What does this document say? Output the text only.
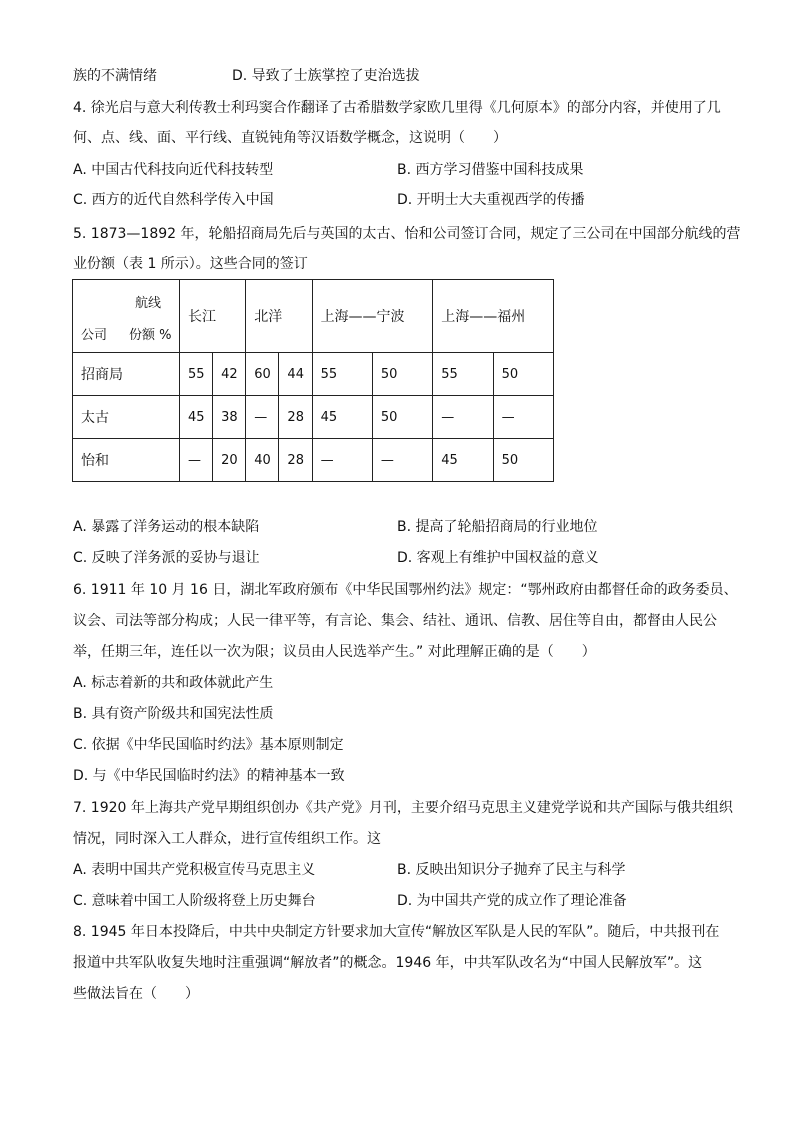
族的不满情绪	D. 导致了士族掌控了吏治选拔
4. 徐光启与意大利传教士利玛窦合作翻译了古希腊数学家欧几里得《几何原本》的部分内容，并使用了几
何、点、线、面、平行线、直锐钝角等汉语数学概念，这说明（　　）
A. 中国古代科技向近代科技转型	B. 西方学习借鉴中国科技成果
C. 西方的近代自然科学传入中国	D. 开明士大夫重视西学的传播
5. 1873—1892 年，轮船招商局先后与英国的太古、怡和公司签订合同，规定了三公司在中国部分航线的营
业份额（表 1 所示）。这些合同的签订
航线
公司 份额 %	长江		北洋		上海——宁波		上海——福州	
招商局	55	42	60	44	55	50	55	50
太古	45	38	—	28	45	50	—	—
怡和	—	20	40	28	—	—	45	50
A. 暴露了洋务运动的根本缺陷	B. 提高了轮船招商局的行业地位
C. 反映了洋务派的妥协与退让	D. 客观上有维护中国权益的意义
6. 1911 年 10 月 16 日，湖北军政府颁布《中华民国鄂州约法》规定：“鄂州政府由都督任命的政务委员、
议会、司法等部分构成；人民一律平等，有言论、集会、结社、通讯、信教、居住等自由，都督由人民公
举，任期三年，连任以一次为限；议员由人民选举产生。” 对此理解正确的是（　　）
A. 标志着新的共和政体就此产生
B. 具有资产阶级共和国宪法性质
C. 依据《中华民国临时约法》基本原则制定
D. 与《中华民国临时约法》的精神基本一致
7. 1920 年上海共产党早期组织创办《共产党》月刊，主要介绍马克思主义建党学说和共产国际与俄共组织
情况，同时深入工人群众，进行宣传组织工作。这
A. 表明中国共产党积极宣传马克思主义	B. 反映出知识分子抛弃了民主与科学
C. 意味着中国工人阶级将登上历史舞台	D. 为中国共产党的成立作了理论准备
8. 1945 年日本投降后，中共中央制定方针要求加大宣传“解放区军队是人民的军队”。随后，中共报刊在
报道中共军队收复失地时注重强调“解放者”的概念。1946 年，中共军队改名为“中国人民解放军”。这
些做法旨在（　　）
